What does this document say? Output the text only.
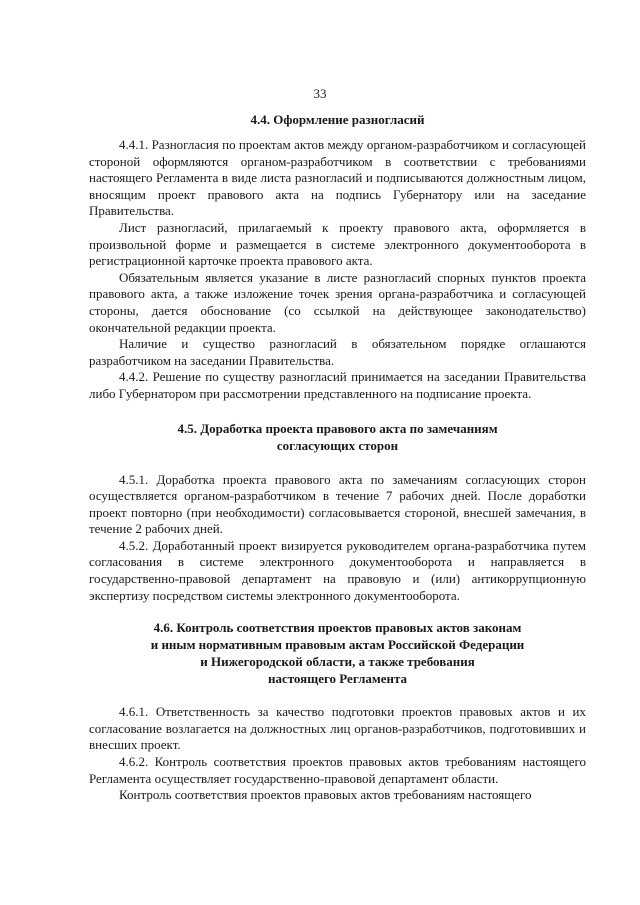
33
4.4. Оформление разногласий

4.4.1. Разногласия по проектам актов между органом-разработчиком и согласующей стороной оформляются органом-разработчиком в соответствии с требованиями настоящего Регламента в виде листа разногласий и подписываются должностным лицом, вносящим проект правового акта на подпись Губернатору или на заседание Правительства.

Лист разногласий, прилагаемый к проекту правового акта, оформляется в произвольной форме и размещается в системе электронного документооборота в регистрационной карточке проекта правового акта.

Обязательным является указание в листе разногласий спорных пунктов проекта правового акта, а также изложение точек зрения органа-разработчика и согласующей стороны, дается обоснование (со ссылкой на действующее законодательство) окончательной редакции проекта.

Наличие и существо разногласий в обязательном порядке оглашаются разработчиком на заседании Правительства.

4.4.2. Решение по существу разногласий принимается на заседании Правительства либо Губернатором при рассмотрении представленного на подписание проекта.

4.5. Доработка проекта правового акта по замечаниям
согласующих сторон

4.5.1. Доработка проекта правового акта по замечаниям согласующих сторон осуществляется органом-разработчиком в течение 7 рабочих дней. После доработки проект повторно (при необходимости) согласовывается стороной, внесшей замечания, в течение 2 рабочих дней.

4.5.2. Доработанный проект визируется руководителем органа-разработчика путем согласования в системе электронного документооборота и направляется в государственно-правовой департамент на правовую и (или) антикоррупционную экспертизу посредством системы электронного документооборота.

4.6. Контроль соответствия проектов правовых актов законам
и иным нормативным правовым актам Российской Федерации
и Нижегородской области, а также требования
настоящего Регламента

4.6.1. Ответственность за качество подготовки проектов правовых актов и их согласование возлагается на должностных лиц органов-разработчиков, подготовивших и внесших проект.

4.6.2. Контроль соответствия проектов правовых актов требованиям настоящего Регламента осуществляет государственно-правовой департамент области.

Контроль соответствия проектов правовых актов требованиям настоящего
